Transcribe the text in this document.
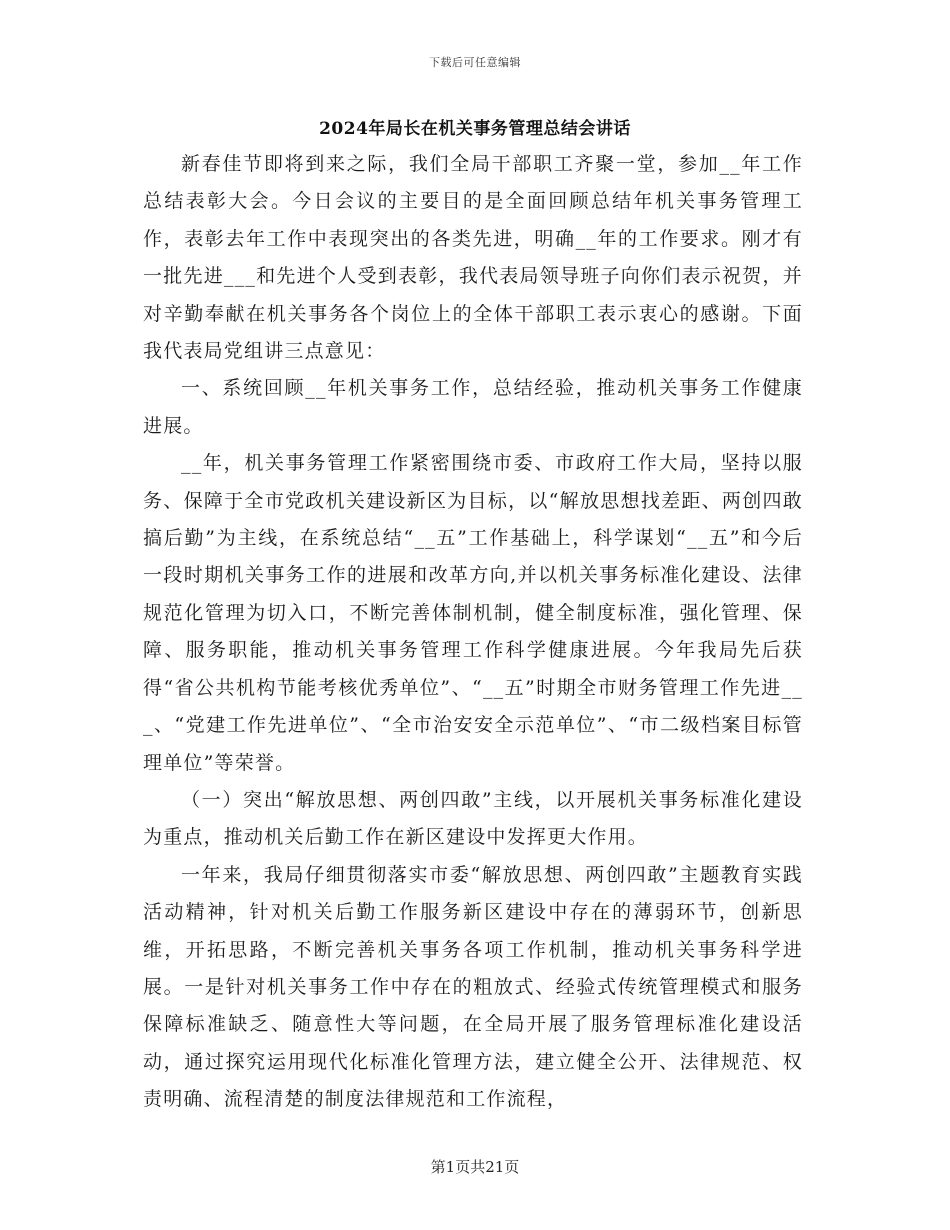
下载后可任意编辑
2024年局长在机关事务管理总结会讲话

新春佳节即将到来之际，我们全局干部职工齐聚一堂，参加__年工作总结表彰大会。今日会议的主要目的是全面回顾总结年机关事务管理工作，表彰去年工作中表现突出的各类先进，明确__年的工作要求。刚才有一批先进___和先进个人受到表彰，我代表局领导班子向你们表示祝贺，并对辛勤奉献在机关事务各个岗位上的全体干部职工表示衷心的感谢。下面我代表局党组讲三点意见：

一、系统回顾__年机关事务工作，总结经验，推动机关事务工作健康进展。

__年，机关事务管理工作紧密围绕市委、市政府工作大局，坚持以服务、保障于全市党政机关建设新区为目标，以“解放思想找差距、两创四敢搞后勤”为主线，在系统总结“__五”工作基础上，科学谋划“__五”和今后一段时期机关事务工作的进展和改革方向,并以机关事务标准化建设、法律规范化管理为切入口，不断完善体制机制，健全制度标准，强化管理、保障、服务职能，推动机关事务管理工作科学健康进展。今年我局先后获得“省公共机构节能考核优秀单位”、“__五”时期全市财务管理工作先进___、“党建工作先进单位”、“全市治安安全示范单位”、“市二级档案目标管理单位”等荣誉。

（一）突出“解放思想、两创四敢”主线，以开展机关事务标准化建设为重点，推动机关后勤工作在新区建设中发挥更大作用。

一年来，我局仔细贯彻落实市委“解放思想、两创四敢”主题教育实践活动精神，针对机关后勤工作服务新区建设中存在的薄弱环节，创新思维，开拓思路，不断完善机关事务各项工作机制，推动机关事务科学进展。一是针对机关事务工作中存在的粗放式、经验式传统管理模式和服务保障标准缺乏、随意性大等问题，在全局开展了服务管理标准化建设活动，通过探究运用现代化标准化管理方法，建立健全公开、法律规范、权责明确、流程清楚的制度法律规范和工作流程，

第1页共21页
